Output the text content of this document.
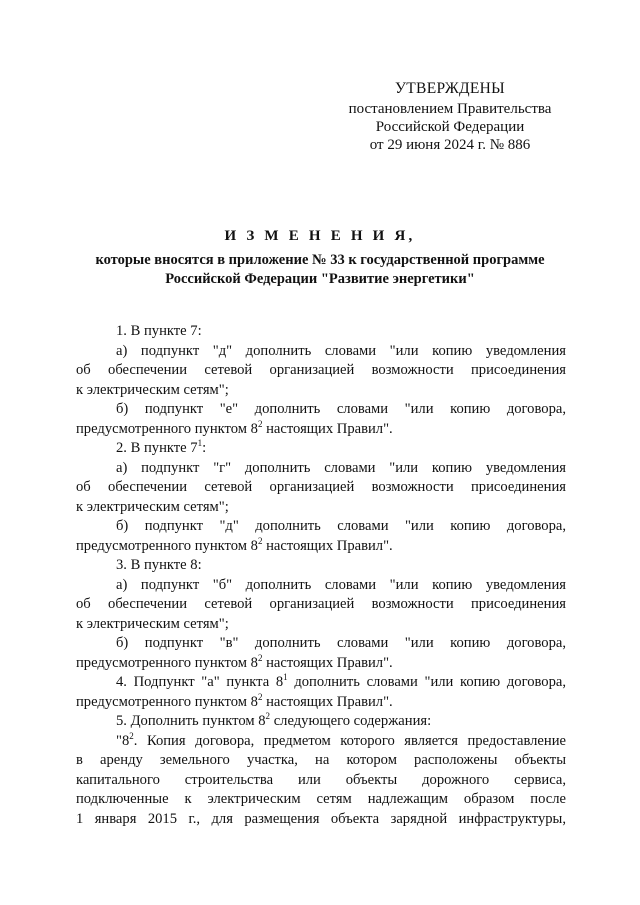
УТВЕРЖДЕНЫ
постановлением Правительства
Российской Федерации
от 29 июня 2024 г. № 886
И З М Е Н Е Н И Я,
которые вносятся в приложение № 33 к государственной программе
Российской Федерации "Развитие энергетики"

1. В пункте 7:

а) подпункт "д" дополнить словами "или копию уведомления

об обеспечении сетевой организацией возможности присоединения

к электрическим сетям";

б) подпункт "е" дополнить словами "или копию договора,

предусмотренного пунктом $8^2$ настоящих Правил".

2. В пункте $7^1$:

а) подпункт "г" дополнить словами "или копию уведомления

об обеспечении сетевой организацией возможности присоединения

к электрическим сетям";

б) подпункт "д" дополнить словами "или копию договора,

предусмотренного пунктом $8^2$ настоящих Правил".

3. В пункте 8:

а) подпункт "б" дополнить словами "или копию уведомления

об обеспечении сетевой организацией возможности присоединения

к электрическим сетям";

б) подпункт "в" дополнить словами "или копию договора,

предусмотренного пунктом $8^2$ настоящих Правил".

4. Подпункт "а" пункта $8^1$ дополнить словами "или копию договора,

предусмотренного пунктом $8^2$ настоящих Правил".

5. Дополнить пунктом $8^2$ следующего содержания:

"$8^2$. Копия договора, предметом которого является предоставление

в аренду земельного участка, на котором расположены объекты

капитального строительства или объекты дорожного сервиса,

подключенные к электрическим сетям надлежащим образом после

1 января 2015 г., для размещения объекта зарядной инфраструктуры,
